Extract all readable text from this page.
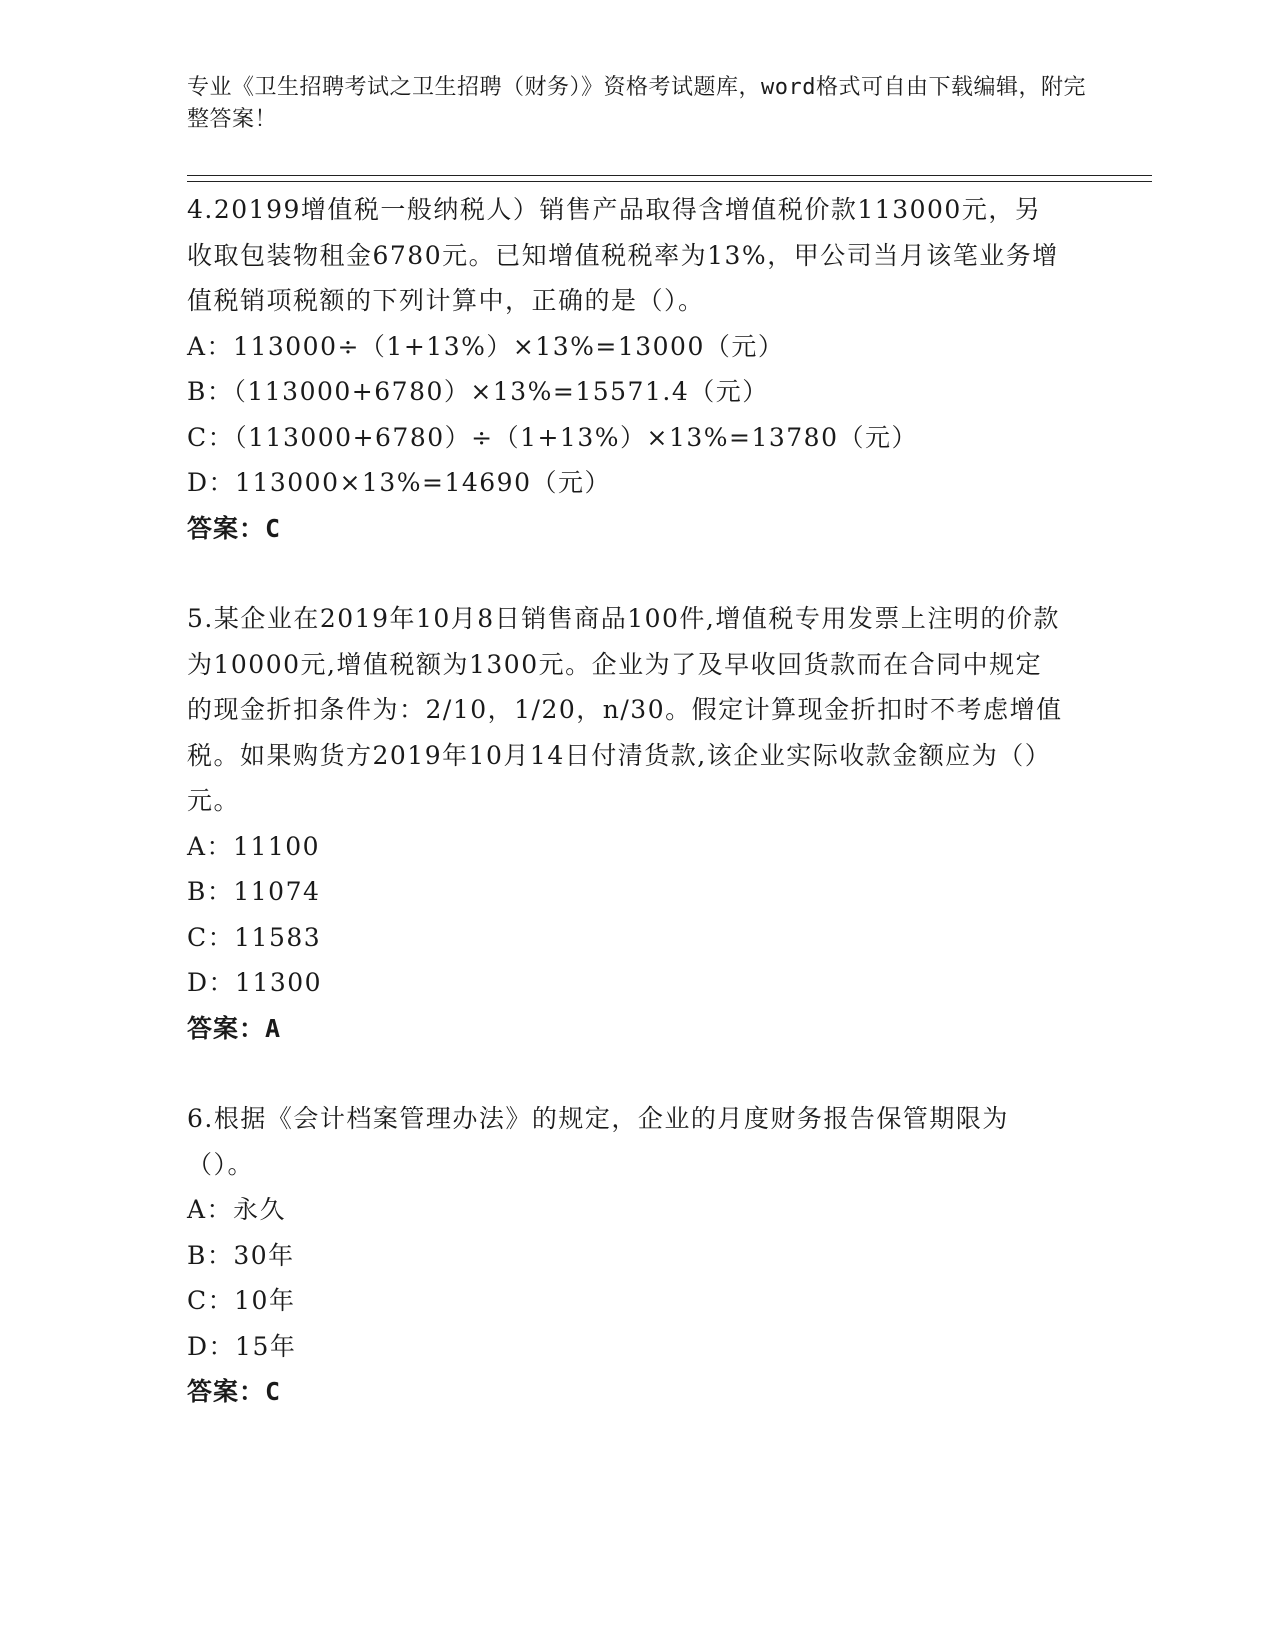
专业《卫生招聘考试之卫生招聘（财务）》资格考试题库，word格式可自由下载编辑，附完整答案！

4.20199增值税一般纳税人）销售产品取得含增值税价款113000元，另收取包装物租金6780元。已知增值税税率为13%，甲公司当月该笔业务增值税销项税额的下列计算中，正确的是（）。

A：113000÷（1+13%）×13%=13000（元）

B：（113000+6780）×13%=15571.4（元）

C：（113000+6780）÷（1+13%）×13%=13780（元）

D：113000×13%=14690（元）

答案：C

5.某企业在2019年10月8日销售商品100件,增值税专用发票上注明的价款为10000元,增值税额为1300元。企业为了及早收回货款而在合同中规定的现金折扣条件为：2/10，1/20，n/30。假定计算现金折扣时不考虑增值税。如果购货方2019年10月14日付清货款,该企业实际收款金额应为（）元。

A：11100

B：11074

C：11583

D：11300

答案：A

6.根据《会计档案管理办法》的规定，企业的月度财务报告保管期限为（）。

A：永久

B：30年

C：10年

D：15年

答案：C
